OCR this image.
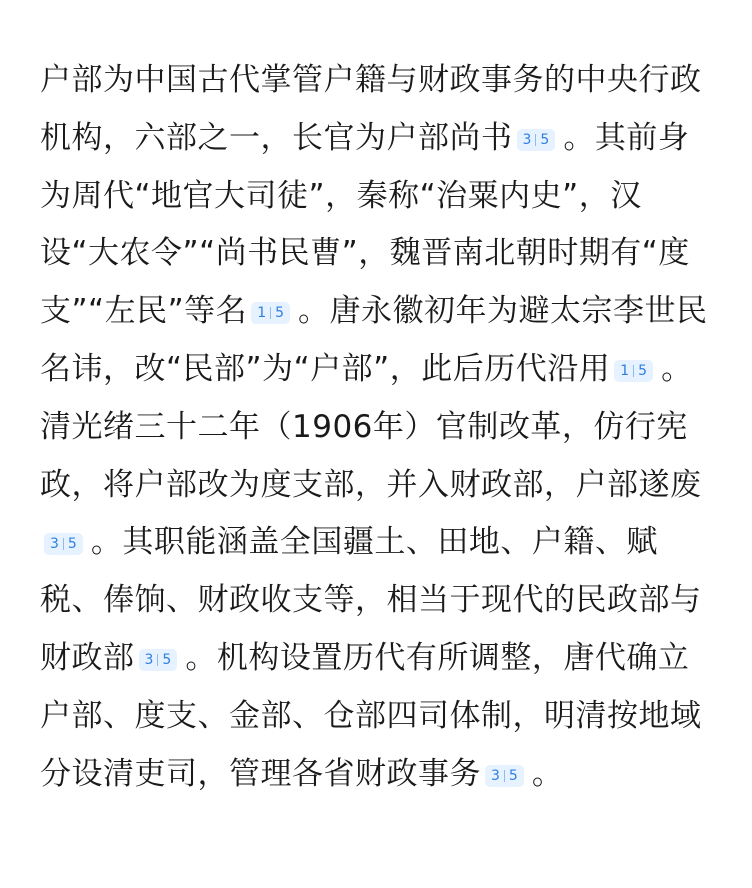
户部为中国古代掌管户籍与财政事务的中央行政机构，六部之一，长官为户部尚书 3 5 。其前身为周代“地官大司徒”，秦称“治粟内史”，汉设“大农令”“尚书民曹”，魏晋南北朝时期有“度支”“左民”等名 1 5 。唐永徽初年为避太宗李世民名讳，改“民部”为“户部”，此后历代沿用 1 5 。清光绪三十二年（1906年）官制改革，仿行宪政，将户部改为度支部，并入财政部，户部遂废
3 5 。其职能涵盖全国疆土、田地、户籍、赋税、俸饷、财政收支等，相当于现代的民政部与财政部 3 5 。机构设置历代有所调整，唐代确立户部、度支、金部、仓部四司体制，明清按地域分设清吏司，管理各省财政事务 3 5 。
